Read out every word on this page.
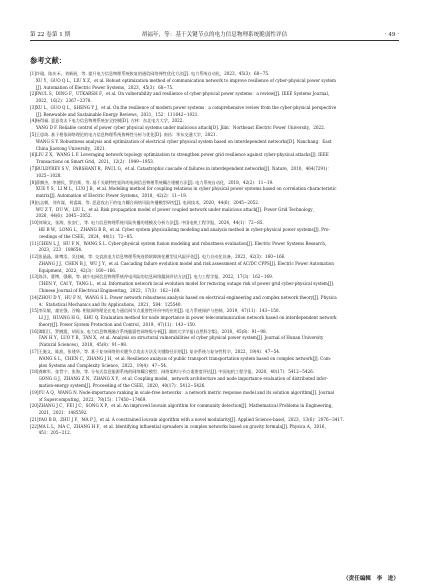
第 22 卷第 1 期	胡福年，等：基于关键节点的电力信息物理系统脆弱性评估	· 49 ·
参考文献：
[1] 许瑜，陈庆禾，刘新展，等. 提升电力信息物理系统恢复的通信网络弹性优化方法[J]. 电力系统自动化，2023，45(3)：68−75.
XU Y，GUO Q L，LIU X Z，et al. Robust optimization method of communication network to improve resilience of cyber-physical power system
[J]. Automation of Electric Power Systems，2023，45(3)：68−75.
[2] PAUL S，DING F，UTKARSH F，et al. On vulnerability and resilience of cyber-physical power systems：a review[J]. IEEE Systems Journal，
2022，16(2)：2367−2378.
[3] XU L，GUO Q L，SHENG Y J，et al. On the resilience of modern power systems：a comprehensive review from the cyber-physical perspective
[J]. Renewable and Sustainable Energy Reviews，2021，152：111642−1021.
[4] 杨得福. 恶意攻击下电力信息物理系统安全控制[D]. 吉林：东北电力大学，2022.
YANG D F. Reliable control of power cyber physical systems under malicious attack[D]. Jilin：Northeast Electric Power University，2022.
[5] 王思琦. 基于相依网络理论的电力信息物理系统鲁棒性分析与优化[D]. 南昌：华东交通大学，2021.
WANG S Y. Robustness analysis and optimization of electrical cyber physical system based on interdependent networks[D]. Nanchang：East
China Jiaotong University，2021.
[6] LIU Z X，WANG L F. Leveraging network topology optimization to strengthen power grid resilience against cyber-physical attacks[J]. IEEE
Transactions on Smart Grid，2021，12(2)：1949−1953.
[7] BULDYREV S V，PARSHANI R，PAUL G，et al. Catastrophic cascade of failures in interdependent networks[J]. Nature，2010，464(7291)：
1025−1028.
[8] 薛腾杰，李德民，罗泊斯，等. 基于关联特性矩阵的电网信息物理系统耦合建模方法[J]. 电力系统自动化，2018，42(2)：11−19.
XUE Y S，LI M L，LUO J B，et al. Modeling method for coupling relations in cyber physical power systems based on correlation characteristic
matrix[J]. Automation of Electric Power Systems，2018，42(2)：11−19.
[9] 伍志朝，刘有谋，刘睿嵩，等. 恶意攻击下的电力耦合网络风险传播模型研究[J]. 电网技术，2020，44(6)：2045−2052.
WU Z T，DU W，LIU L，et al. Risk propagation model of power coupled network under malicious attack[J]. Power Grid Technology，
2020，44(6)：2045−2052.
[10] 何瑞文，张海，张安仁，等. 电力信息物理系统风险传播的建模及分析方法[J]. 中国电机工程学报，2024，44(1)：72−85.
HE R W，LONG L，ZHANG B R，et al. Cyber system physicalising modeling and analysis method in cyber-physical power systems[J]. Pro-
ceedings of the CSEE，2024，44(1)：72−85.
[11] CHEN L J，HU F N，WANG S L. Cyber-physical system fusion modeling and robustness evaluation[J]. Electric Power Systems Research，
2023，223：108654.
[12] 张晶晶，陈博浩，吴佳喻，等. 交直流电力信息物理系统连锁故障演化模型及风险评估[J]. 电力自动化设备，2022，42(3)：160−166.
ZHANG J J，CHEN B J，WU J Y，et al. Cascading failure evolution model and risk assessment of AC/DC CPPS[J]. Electric Power Automation
Equipment，2022，42(3)：160−166.
[13] 陈洋，曹博，强顺，等. 减少电网信息物理系统停电风险的信息网络漏洞评估方法[J]. 电力工程学报，2022，17(3)：162−169.
CHEN Y，CAI Y，TANG L，et al. Information network local evolution model for reducing outage risk of power grid cyber-physical system[J].
Chinese Journal of Electrical Engineering，2022，17(3)：162−169.
[14] ZHOU D Y，HU F N，WANG S L. Power network robustness analysis based on electrical engineering and complex network theory[J]. Physica
A：Statistical Mechanics and Its Applications，2021，584：125540.
[15] 李吴敏，童宏强，谷翰. 相依网络理论在电力通信网节点重要性评价中的应用[J]. 电力系统保护与控制，2019，47(11)：143−150.
LI J J，HUANG H G，SHU Q. Evaluation method for node importance in power telecommunication network based on interdependent network
theory[J]. Power System Protection and Control，2019，47(11)：143−150.
[16] 谭阳江，罗跳霞，胡再友. 电力信息物理融合系统脆弱性网络级分析[J]. 湖南大学学报(自然科学版)，2018，45(8)：91−98.
TAN H Y，LUO Y B，TAN X，et al. Analysis on structural vulnerabilities of cyber physical power system[J]. Journal of Hunan University
(Natural Sciences)，2018，45(8)：91−98.
[17] 王施文，陈波，张建华，等. 基于复杂网络的关键节点攻击方法及关键路径识别[J]. 复杂系统与复杂性科学，2022，19(4)：47−54.
WANG S L，CHEN C，ZHANG J H，et al. Resilience analysis of public transport transportation system based on complex network[J]. Com-
plex Systems and Complexity Science，2022，19(4)：47−54.
[18] 龚雍军，张哲宁，张海，等. 分布式信息能源系统的网络耦合模型、网络架构与节点重要度评估[J]. 中国电机工程学报，2020，40(17)：5412−5426.
GONG G J，ZHANG Z N，ZHANG X Y，et al. Coupling model，network architecture and node importance evaluation of distributed infor-
mation-energy system[J]. Proceeding of the CSEE，2020，40(17)：5412−5426.
[19] YU A Q，WANG N. Node-importance ranking in scale-free networks：a network metric response model and its solution algorithm[J]. Journal
of Supercomputing，2022，78(15)：17450−17469.
[20] ZHANG J C，FEI J C，SONG X P，et al. An improved louvain algorithm for community detection[J]. Mathematical Problems in Engineering，
2021，2021：1485592.
[21] YAO B B，ZHU J F，MA P J，et al. A constrained louvain algorithm with a novel modularity[J]. Applied Science-basel，2023，13(6)：2076−3417.
[22] MA L L，MA C，ZHANG H F，et al. Identifying influential spreaders in complex networks based on gravity formula[J]. Physica A，2016，
451：205−212.
（责任编辑　李　进）
